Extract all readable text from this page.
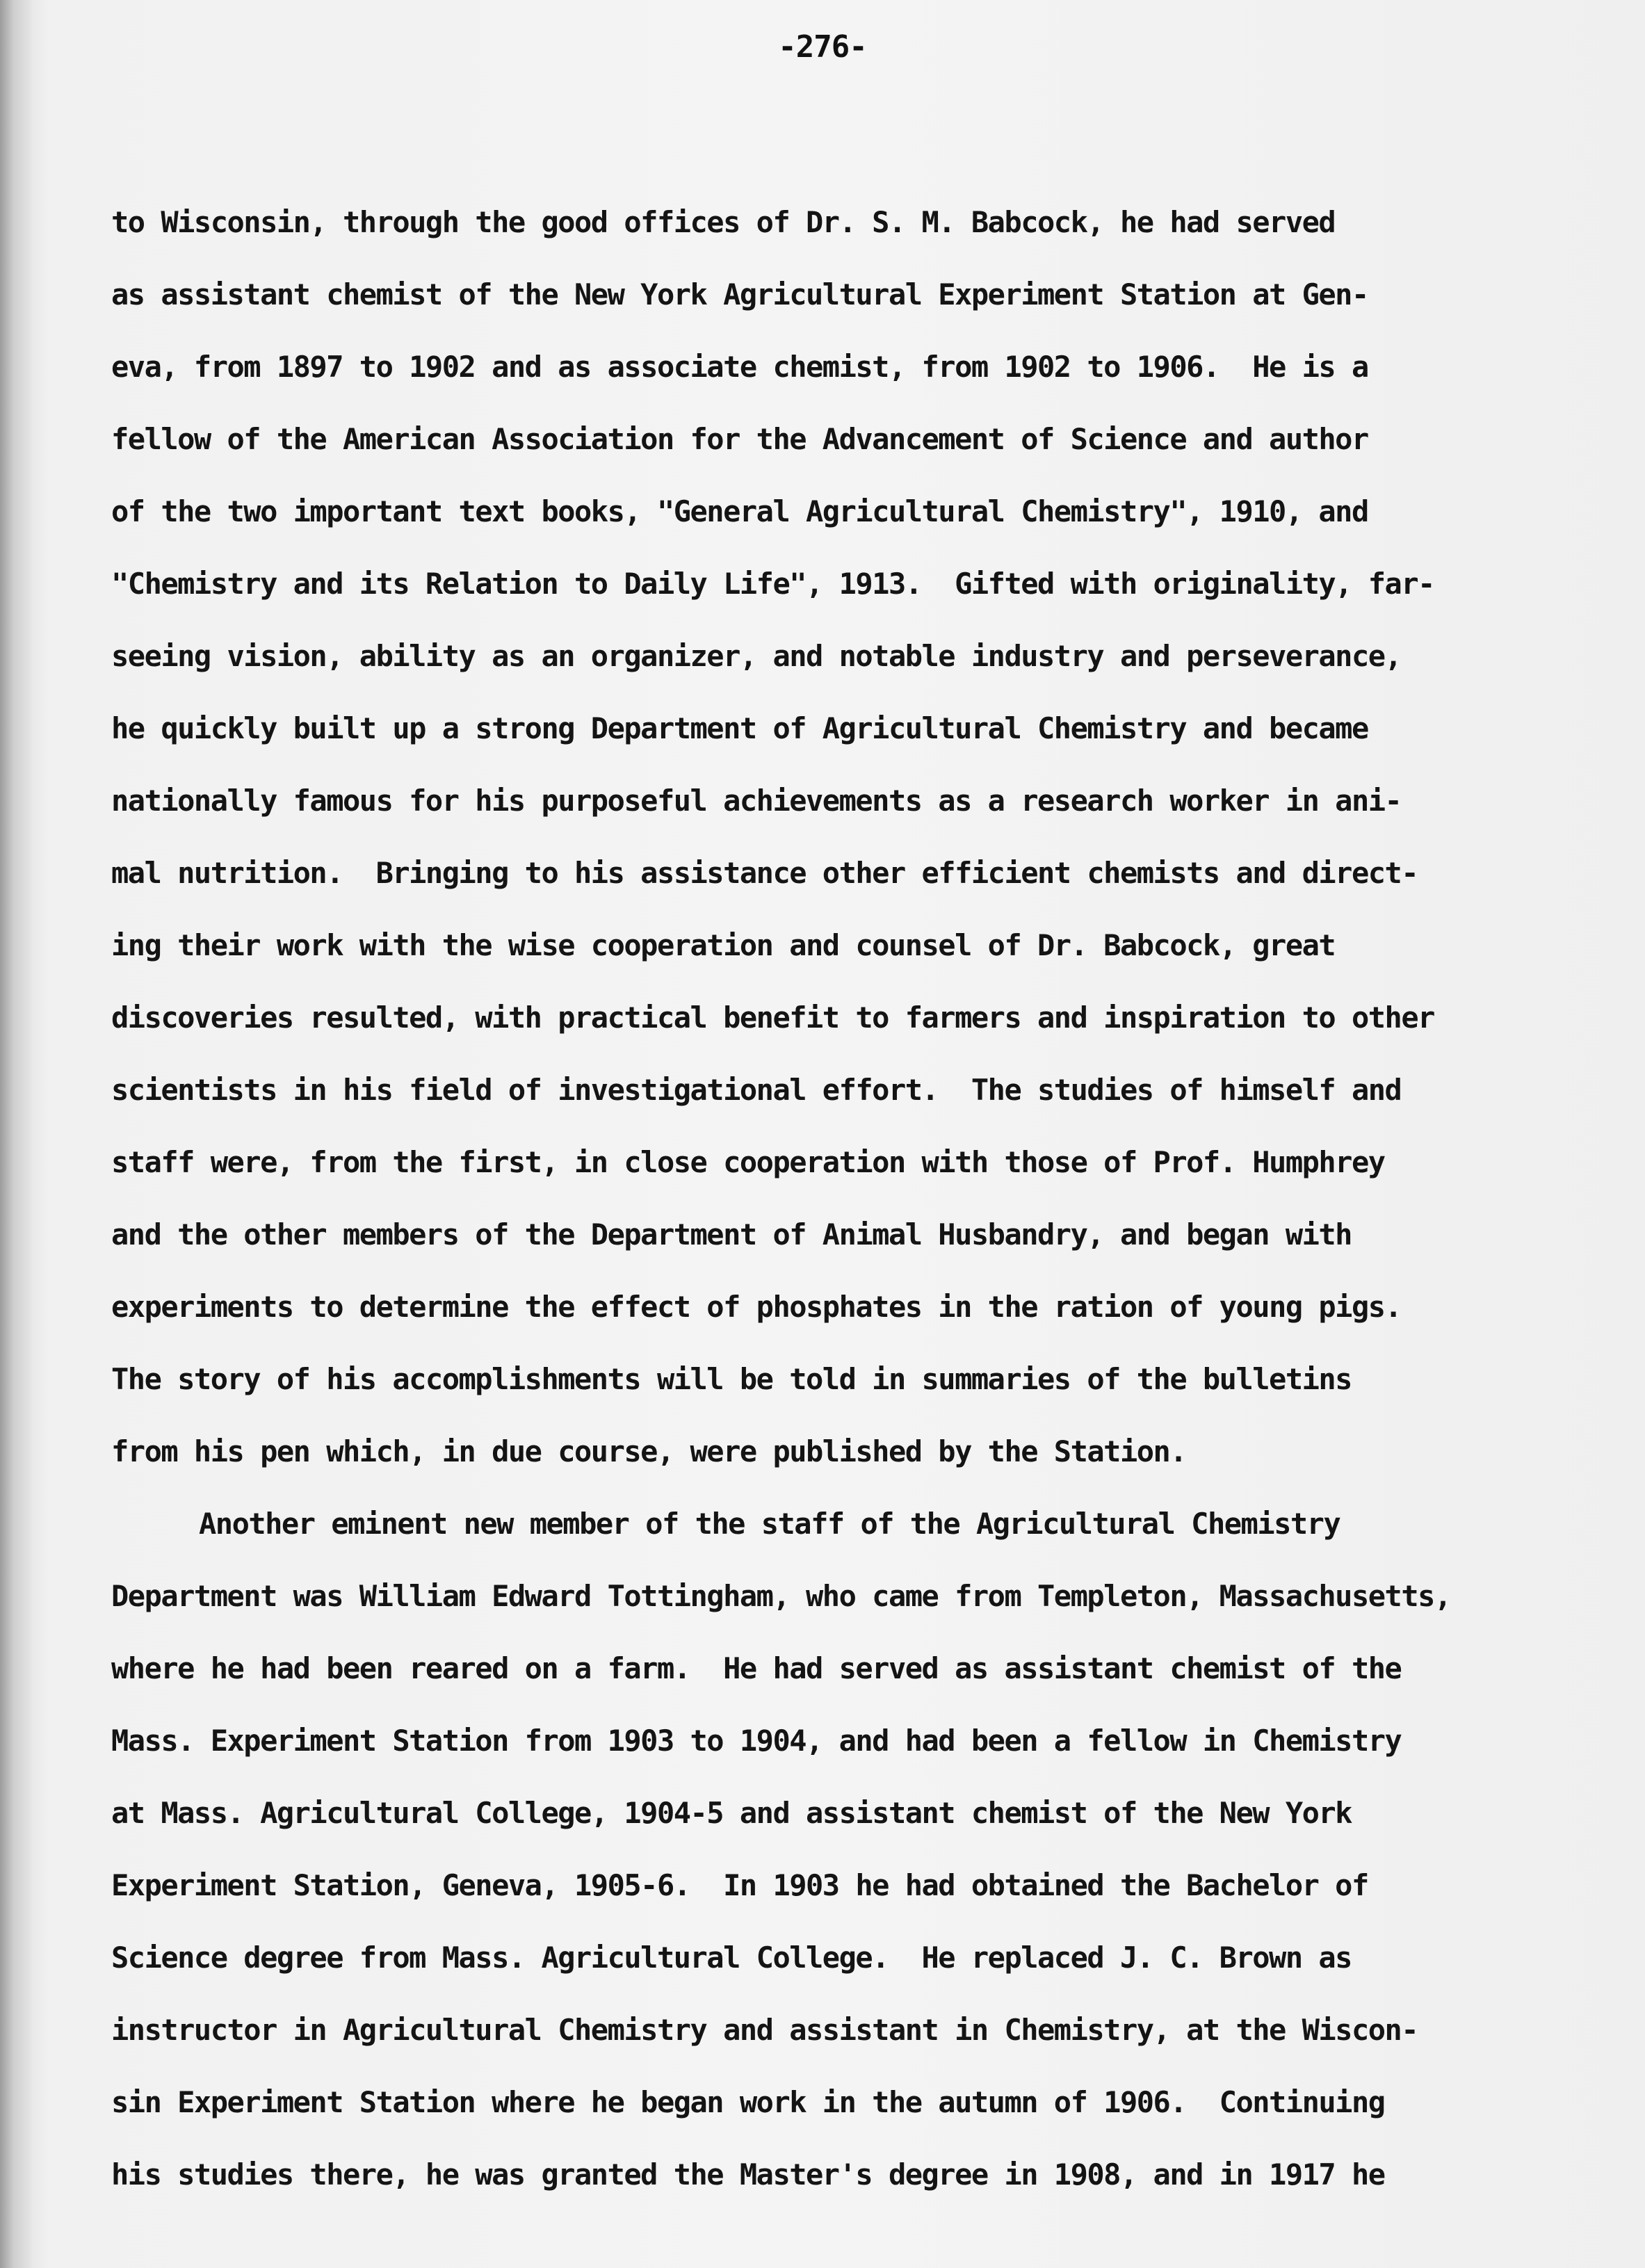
-276-
to Wisconsin, through the good offices of Dr. S. M. Babcock, he had served
as assistant chemist of the New York Agricultural Experiment Station at Gen-
eva, from 1897 to 1902 and as associate chemist, from 1902 to 1906.  He is a
fellow of the American Association for the Advancement of Science and author
of the two important text books, "General Agricultural Chemistry", 1910, and
"Chemistry and its Relation to Daily Life", 1913.  Gifted with originality, far-
seeing vision, ability as an organizer, and notable industry and perseverance,
he quickly built up a strong Department of Agricultural Chemistry and became
nationally famous for his purposeful achievements as a research worker in ani-
mal nutrition.  Bringing to his assistance other efficient chemists and direct-
ing their work with the wise cooperation and counsel of Dr. Babcock, great
discoveries resulted, with practical benefit to farmers and inspiration to other
scientists in his field of investigational effort.  The studies of himself and
staff were, from the first, in close cooperation with those of Prof. Humphrey
and the other members of the Department of Animal Husbandry, and began with
experiments to determine the effect of phosphates in the ration of young pigs.
The story of his accomplishments will be told in summaries of the bulletins
from his pen which, in due course, were published by the Station.
Another eminent new member of the staff of the Agricultural Chemistry
Department was William Edward Tottingham, who came from Templeton, Massachusetts,
where he had been reared on a farm.  He had served as assistant chemist of the
Mass. Experiment Station from 1903 to 1904, and had been a fellow in Chemistry
at Mass. Agricultural College, 1904-5 and assistant chemist of the New York
Experiment Station, Geneva, 1905-6.  In 1903 he had obtained the Bachelor of
Science degree from Mass. Agricultural College.  He replaced J. C. Brown as
instructor in Agricultural Chemistry and assistant in Chemistry, at the Wiscon-
sin Experiment Station where he began work in the autumn of 1906.  Continuing
his studies there, he was granted the Master's degree in 1908, and in 1917 he
